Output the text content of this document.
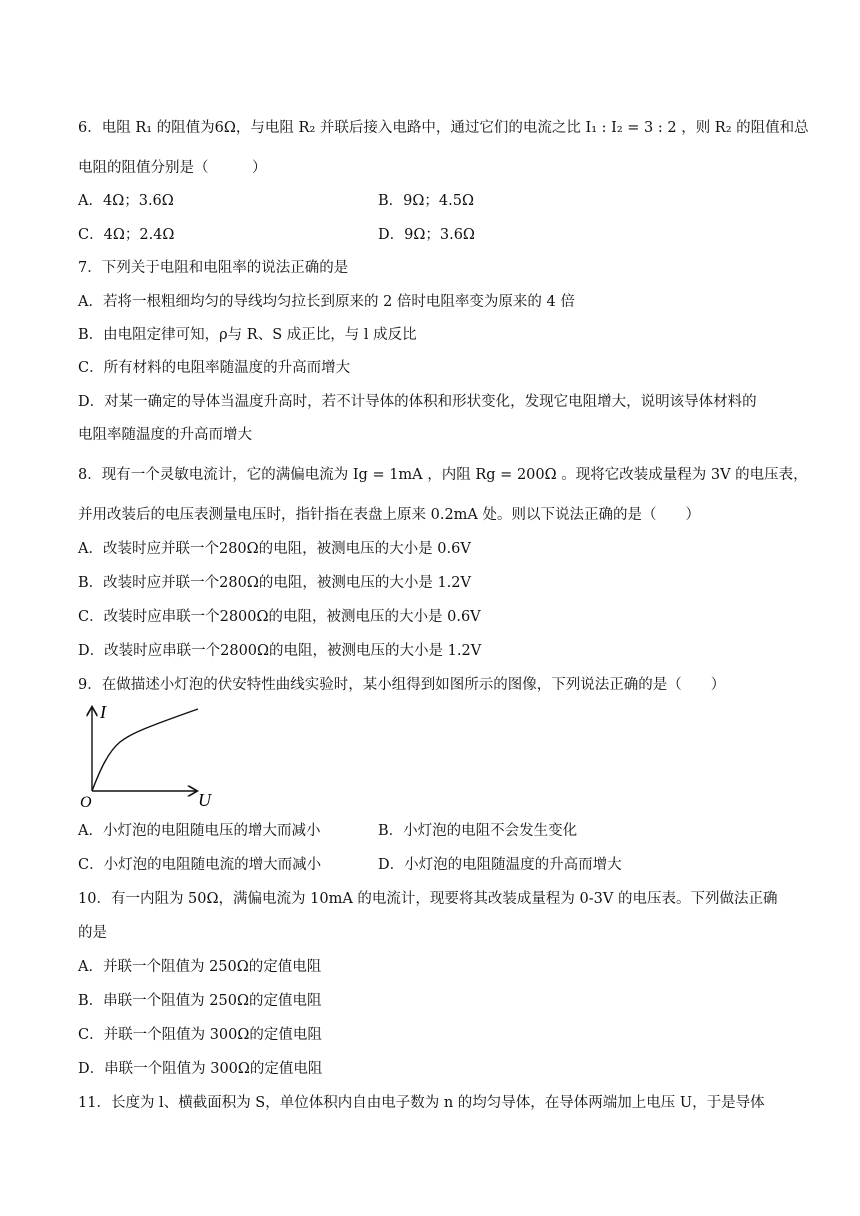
6．电阻 R₁ 的阻值为6Ω，与电阻 R₂ 并联后接入电路中，通过它们的电流之比 I₁ : I₂ = 3 : 2 ，则 R₂ 的阻值和总
电阻的阻值分别是（　　　）
A．4Ω；3.6Ω	B．9Ω；4.5Ω
C．4Ω；2.4Ω	D．9Ω；3.6Ω
7．下列关于电阻和电阻率的说法正确的是
A．若将一根粗细均匀的导线均匀拉长到原来的 2 倍时电阻率变为原来的 4 倍
B．由电阻定律可知，ρ与 R、S 成正比，与 l 成反比
C．所有材料的电阻率随温度的升高而增大
D．对某一确定的导体当温度升高时，若不计导体的体积和形状变化，发现它电阻增大，说明该导体材料的
电阻率随温度的升高而增大
8．现有一个灵敏电流计，它的满偏电流为 Ig = 1mA ，内阻 Rg = 200Ω 。现将它改装成量程为 3V 的电压表，
并用改装后的电压表测量电压时，指针指在表盘上原来 0.2mA 处。则以下说法正确的是（　　）
A．改装时应并联一个280Ω的电阻，被测电压的大小是 0.6V
B．改装时应并联一个280Ω的电阻，被测电压的大小是 1.2V
C．改装时应串联一个2800Ω的电阻，被测电压的大小是 0.6V
D．改装时应串联一个2800Ω的电阻，被测电压的大小是 1.2V
9．在做描述小灯泡的伏安特性曲线实验时，某小组得到如图所示的图像，下列说法正确的是（　　）
I
U
O
A．小灯泡的电阻随电压的增大而减小	B．小灯泡的电阻不会发生变化
C．小灯泡的电阻随电流的增大而减小	D．小灯泡的电阻随温度的升高而增大
10．有一内阻为 50Ω，满偏电流为 10mA 的电流计，现要将其改装成量程为 0-3V 的电压表。下列做法正确
的是
A．并联一个阻值为 250Ω的定值电阻
B．串联一个阻值为 250Ω的定值电阻
C．并联一个阻值为 300Ω的定值电阻
D．串联一个阻值为 300Ω的定值电阻
11．长度为 l、横截面积为 S，单位体积内自由电子数为 n 的均匀导体，在导体两端加上电压 U，于是导体
